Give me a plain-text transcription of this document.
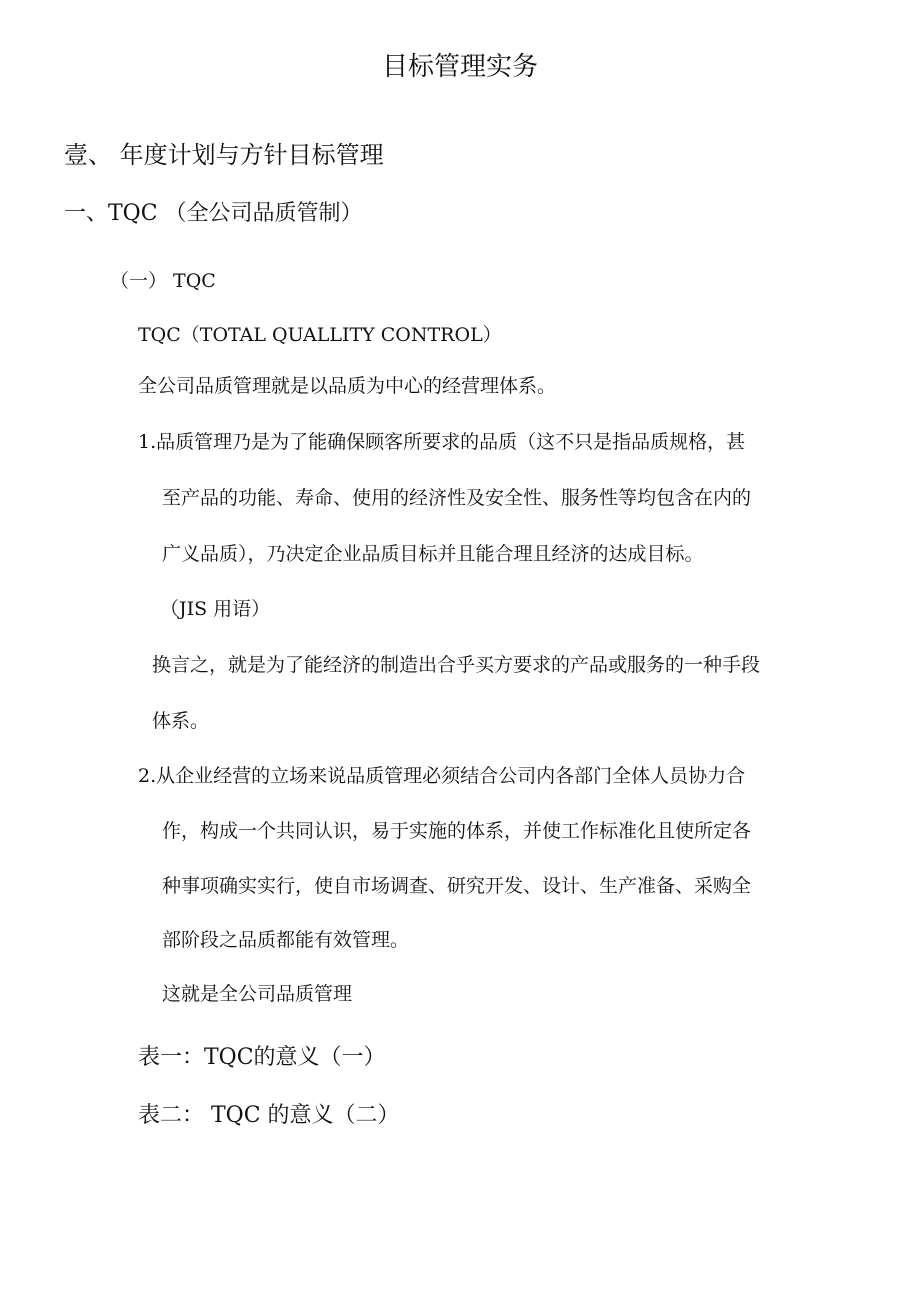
目标管理实务
壹、 年度计划与方针目标管理
一、TQC （全公司品质管制）
（一） TQC
TQC（TOTAL QUALLITY CONTROL）
全公司品质管理就是以品质为中心的经营理体系。
1.品质管理乃是为了能确保顾客所要求的品质（这不只是指品质规格，甚
至产品的功能、寿命、使用的经济性及安全性、服务性等均包含在内的
广义品质），乃决定企业品质目标并且能合理且经济的达成目标。
（JIS 用语）
换言之，就是为了能经济的制造出合乎买方要求的产品或服务的一种手段
体系。
2.从企业经营的立场来说品质管理必须结合公司内各部门全体人员协力合
作，构成一个共同认识，易于实施的体系，并使工作标准化且使所定各
种事项确实实行，使自市场调查、研究开发、设计、生产准备、采购全
部阶段之品质都能有效管理。
这就是全公司品质管理
表一：TQC的意义（一）
表二： TQC 的意义（二）
